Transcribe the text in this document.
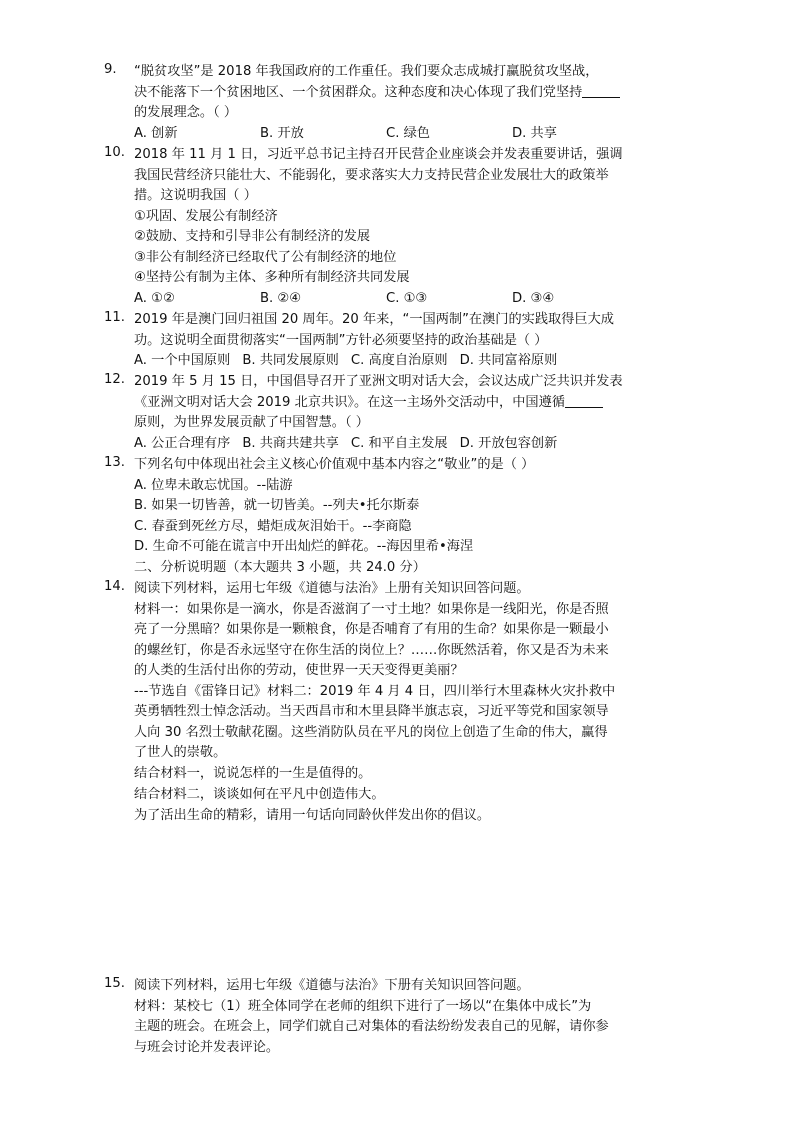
9.	“脱贫攻坚”是 2018 年我国政府的工作重任。我们要众志成城打赢脱贫攻坚战，
决不能落下一个贫困地区、一个贫困群众。这种态度和决心体现了我们党坚持
的发展理念。（ ）
A. 创新	B. 开放	C. 绿色	D. 共享
10. 2018 年 11 月 1 日，习近平总书记主持召开民营企业座谈会并发表重要讲话，强调
我国民营经济只能壮大、不能弱化，要求落实大力支持民营企业发展壮大的政策举
措。这说明我国（ ）
①巩固、发展公有制经济
②鼓励、支持和引导非公有制经济的发展
③非公有制经济已经取代了公有制经济的地位
④坚持公有制为主体、多种所有制经济共同发展
A. ①②	B. ②④	C. ①③	D. ③④
11. 2019 年是澳门回归祖国 20 周年。20 年来，“一国两制”在澳门的实践取得巨大成
功。这说明全面贯彻落实“一国两制”方针必须要坚持的政治基础是（ ）
A. 一个中国原则 B. 共同发展原则 C. 高度自治原则 D. 共同富裕原则
12. 2019 年 5 月 15 日，中国倡导召开了亚洲文明对话大会，会议达成广泛共识并发表
《亚洲文明对话大会 2019 北京共识》。在这一主场外交活动中，中国遵循
原则，为世界发展贡献了中国智慧。（ ）
A. 公正合理有序 B. 共商共建共享 C. 和平自主发展 D. 开放包容创新
13. 下列名句中体现出社会主义核心价值观中基本内容之“敬业”的是（ ）
A. 位卑未敢忘忧国。--陆游
B. 如果一切皆善，就一切皆美。--列夫•托尔斯泰
C. 春蚕到死丝方尽，蜡炬成灰泪始干。--李商隐
D. 生命不可能在谎言中开出灿烂的鲜花。--海因里希•海涅
二、分析说明题（本大题共 3 小题，共 24.0 分）
14. 阅读下列材料，运用七年级《道德与法治》上册有关知识回答问题。
材料一：如果你是一滴水，你是否滋润了一寸土地？如果你是一线阳光，你是否照
亮了一分黑暗？如果你是一颗粮食，你是否哺育了有用的生命？如果你是一颗最小
的螺丝钉，你是否永远坚守在你生活的岗位上？……你既然活着，你又是否为未来
的人类的生活付出你的劳动，使世界一天天变得更美丽？
---节选自《雷锋日记》材料二：2019 年 4 月 4 日，四川举行木里森林火灾扑救中
英勇牺牲烈士悼念活动。当天西昌市和木里县降半旗志哀，习近平等党和国家领导
人向 30 名烈士敬献花圈。这些消防队员在平凡的岗位上创造了生命的伟大，赢得
了世人的崇敬。
结合材料一，说说怎样的一生是值得的。
结合材料二，谈谈如何在平凡中创造伟大。
为了活出生命的精彩，请用一句话向同龄伙伴发出你的倡议。
15. 阅读下列材料，运用七年级《道德与法治》下册有关知识回答问题。
材料：某校七（1）班全体同学在老师的组织下进行了一场以“在集体中成长”为
主题的班会。在班会上，同学们就自己对集体的看法纷纷发表自己的见解，请你参
与班会讨论并发表评论。
